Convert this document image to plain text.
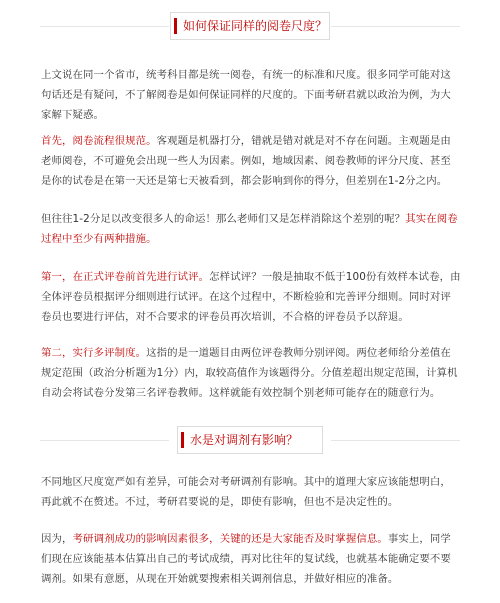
如何保证同样的阅卷尺度？

上文说在同一个省市，统考科目都是统一阅卷，有统一的标准和尺度。很多同学可能对这句话还是有疑问，不了解阅卷是如何保证同样的尺度的。下面考研君就以政治为例，为大家解下疑惑。

首先，阅卷流程很规范。客观题是机器打分，错就是错对就是对不存在问题。主观题是由老师阅卷，不可避免会出现一些人为因素。例如，地域因素、阅卷教师的评分尺度、甚至是你的试卷是在第一天还是第七天被看到，都会影响到你的得分，但差别在1-2分之内。

但往往1-2分足以改变很多人的命运！那么老师们又是怎样消除这个差别的呢？其实在阅卷过程中至少有两种措施。

第一，在正式评卷前首先进行试评。怎样试评？一般是抽取不低于100份有效样本试卷，由全体评卷员根据评分细则进行试评。在这个过程中，不断检验和完善评分细则。同时对评卷员也要进行评估，对不合要求的评卷员再次培训，不合格的评卷员予以辞退。

第二，实行多评制度。这指的是一道题目由两位评卷教师分别评阅。两位老师给分差值在规定范围（政治分析题为1分）内，取较高值作为该题得分。分值差超出规定范围，计算机自动会将试卷分发第三名评卷教师。这样就能有效控制个别老师可能存在的随意行为。

水是对调剂有影响？

不同地区尺度宽严如有差异，可能会对考研调剂有影响。其中的道理大家应该能想明白，再此就不在赘述。不过，考研君要说的是，即使有影响，但也不是决定性的。

因为，考研调剂成功的影响因素很多，关键的还是大家能否及时掌握信息。事实上，同学们现在应该能基本估算出自己的考试成绩，再对比往年的复试线，也就基本能确定要不要调剂。如果有意愿，从现在开始就要搜索相关调剂信息，并做好相应的准备。
